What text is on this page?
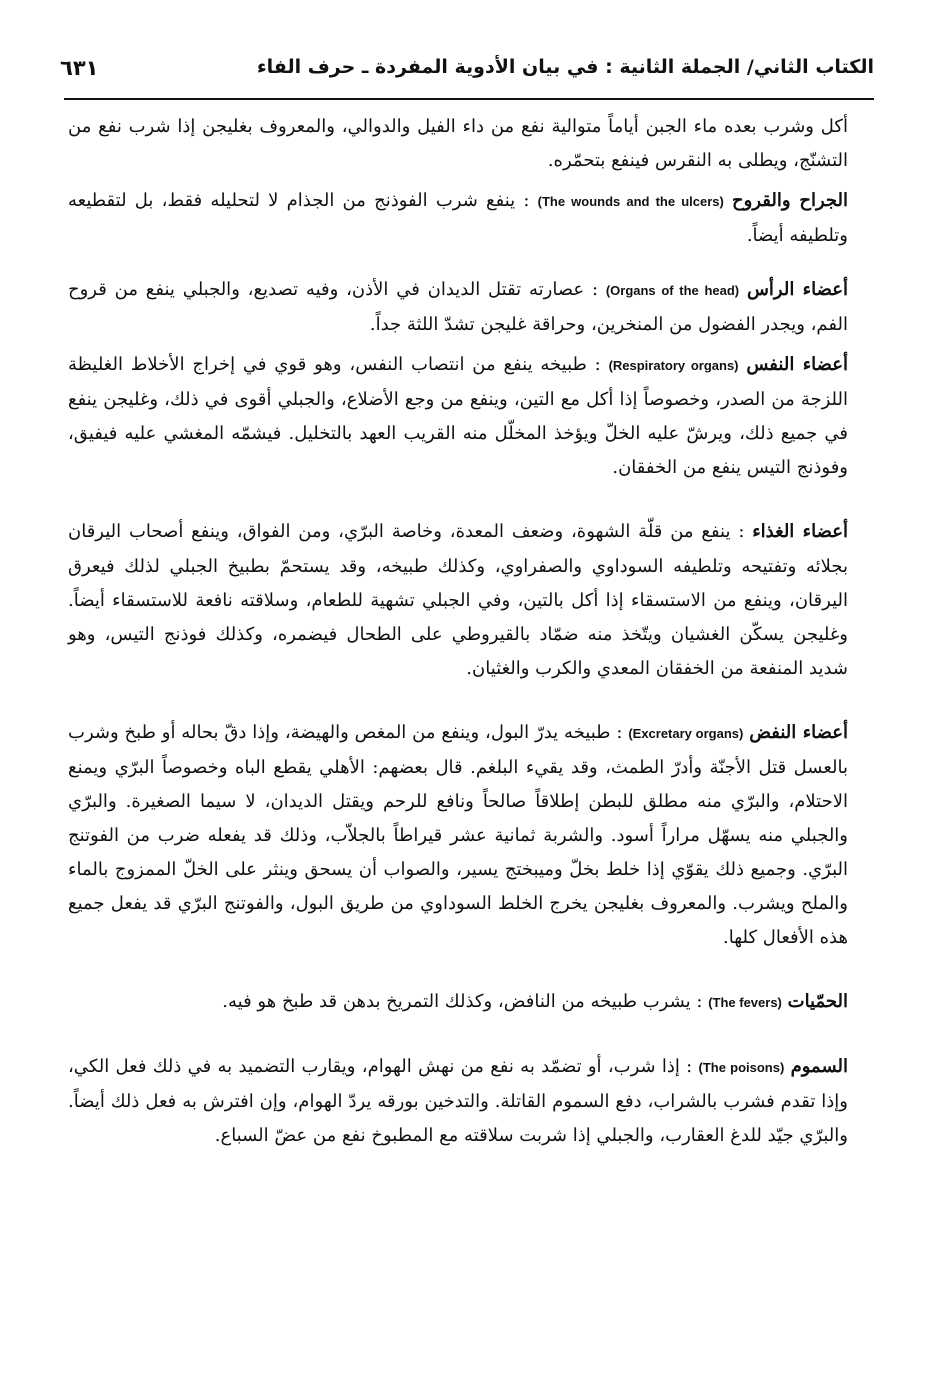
الكتاب الثاني/ الجملة الثانية : في بيان الأدوية المفردة ـ حرف الفاء
٦٣١

أكل وشرب بعده ماء الجبن أياماً متوالية نفع من داء الفيل والدوالي، والمعروف بغليجن إذا شرب نفع من التشنّج، ويطلى به النقرس فينفع بتحمّره.

الجراح والقروح (The wounds and the ulcers) : ينفع شرب الفوذنج من الجذام لا لتحليله فقط، بل لتقطيعه وتلطيفه أيضاً.

أعضاء الرأس (Organs of the head) : عصارته تقتل الديدان في الأذن، وفيه تصديع، والجبلي ينفع من قروح الفم، ويجدر الفضول من المنخرين، وحراقة غليجن تشدّ اللثة جداً.

أعضاء النفس (Respiratory organs) : طبيخه ينفع من انتصاب النفس، وهو قوي في إخراج الأخلاط الغليظة اللزجة من الصدر، وخصوصاً إذا أكل مع التين، وينفع من وجع الأضلاع، والجبلي أقوى في ذلك، وغليجن ينفع في جميع ذلك، ويرشّ عليه الخلّ ويؤخذ المخلّل منه القريب العهد بالتخليل. فيشمّه المغشي عليه فيفيق، وفوذنج التيس ينفع من الخفقان.

أعضاء الغذاء : ينفع من قلّة الشهوة، وضعف المعدة، وخاصة البرّي، ومن الفواق، وينفع أصحاب اليرقان بجلائه وتفتيحه وتلطيفه السوداوي والصفراوي، وكذلك طبيخه، وقد يستحمّ بطبيخ الجبلي لذلك فيعرق اليرقان، وينفع من الاستسقاء إذا أكل بالتين، وفي الجبلي تشهية للطعام، وسلاقته نافعة للاستسقاء أيضاً. وغليجن يسكّن الغشيان ويتّخذ منه ضمّاد بالقيروطي على الطحال فيضمره، وكذلك فوذنج التيس، وهو شديد المنفعة من الخفقان المعدي والكرب والغثيان.

أعضاء النفض (Excretary organs) : طبيخه يدرّ البول، وينفع من المغص والهيضة، وإذا دقّ بحاله أو طبخ وشرب بالعسل قتل الأجنّة وأدرّ الطمث، وقد يقيء البلغم. قال بعضهم: الأهلي يقطع الباه وخصوصاً البرّي ويمنع الاحتلام، والبرّي منه مطلق للبطن إطلاقاً صالحاً ونافع للرحم ويقتل الديدان، لا سيما الصغيرة. والبرّي والجبلي منه يسهّل مراراً أسود. والشربة ثمانية عشر قيراطاً بالجلاّب، وذلك قد يفعله ضرب من الفوتنج البرّي. وجميع ذلك يقوّي إذا خلط بخلّ وميبختج يسير، والصواب أن يسحق وينثر على الخلّ الممزوج بالماء والملح ويشرب. والمعروف بغليجن يخرج الخلط السوداوي من طريق البول، والفوتنج البرّي قد يفعل جميع هذه الأفعال كلها.

الحمّيات (The fevers) : يشرب طبيخه من النافض، وكذلك التمريخ بدهن قد طبخ هو فيه.

السموم (The poisons) : إذا شرب، أو تضمّد به نفع من نهش الهوام، ويقارب التضميد به في ذلك فعل الكي، وإذا تقدم فشرب بالشراب، دفع السموم القاتلة. والتدخين بورقه يردّ الهوام، وإن افترش به فعل ذلك أيضاً. والبرّي جيّد للدغ العقارب، والجبلي إذا شربت سلاقته مع المطبوخ نفع من عضّ السباع.
